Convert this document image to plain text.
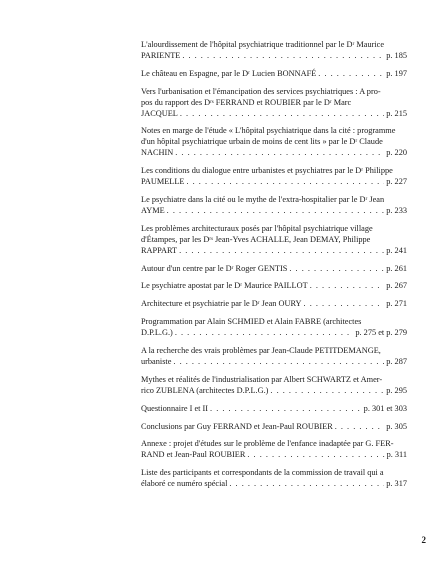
L'alourdissement de l'hôpital psychiatrique traditionnel par le Dʳ Maurice
PARIENTE . . .	p. 185
Le château en Espagne, par le Dʳ Lucien BONNAFÉ . . .	p. 197
Vers l'urbanisation et l'émancipation des services psychiatriques : A pro-
pos du rapport des Dʳˢ FERRAND et ROUBIER par le Dʳ Marc
JACQUEL . . .	p. 215
Notes en marge de l'étude « L'hôpital psychiatrique dans la cité : programme
d'un hôpital psychiatrique urbain de moins de cent lits » par le Dʳ Claude
NACHIN . . .	p. 220
Les conditions du dialogue entre urbanistes et psychiatres par le Dʳ Philippe
PAUMELLE . . .	p. 227
Le psychiatre dans la cité ou le mythe de l'extra-hospitalier par le Dʳ Jean
AYME . . .	p. 233
Les problèmes architecturaux posés par l'hôpital psychiatrique village
d'Étampes, par les Dʳˢ Jean-Yves ACHALLE, Jean DEMAY, Philippe
RAPPART . . .	p. 241
Autour d'un centre par le Dʳ Roger GENTIS . . .	p. 261
Le psychiatre apostat par le Dʳ Maurice PAILLOT . . .	p. 267
Architecture et psychiatrie par le Dʳ Jean OURY . . .	p. 271
Programmation par Alain SCHMIED et Alain FABRE (architectes
D.P.L.G.) . . .	p. 275 et p. 279
A la recherche des vrais problèmes par Jean-Claude PETITDEMANGE,
urbaniste . . .	p. 287
Mythes et réalités de l'industrialisation par Albert SCHWARTZ et Amer-
rico ZUBLENA (architectes D.P.L.G.) . . .	p. 295
Questionnaire I et II . . .	p. 301 et 303
Conclusions par Guy FERRAND et Jean-Paul ROUBIER . . .	p. 305
Annexe : projet d'études sur le problème de l'enfance inadaptée par G. FER-
RAND et Jean-Paul ROUBIER . . .	p. 311
Liste des participants et correspondants de la commission de travail qui a
élaboré ce numéro spécial . . .	p. 317
2
